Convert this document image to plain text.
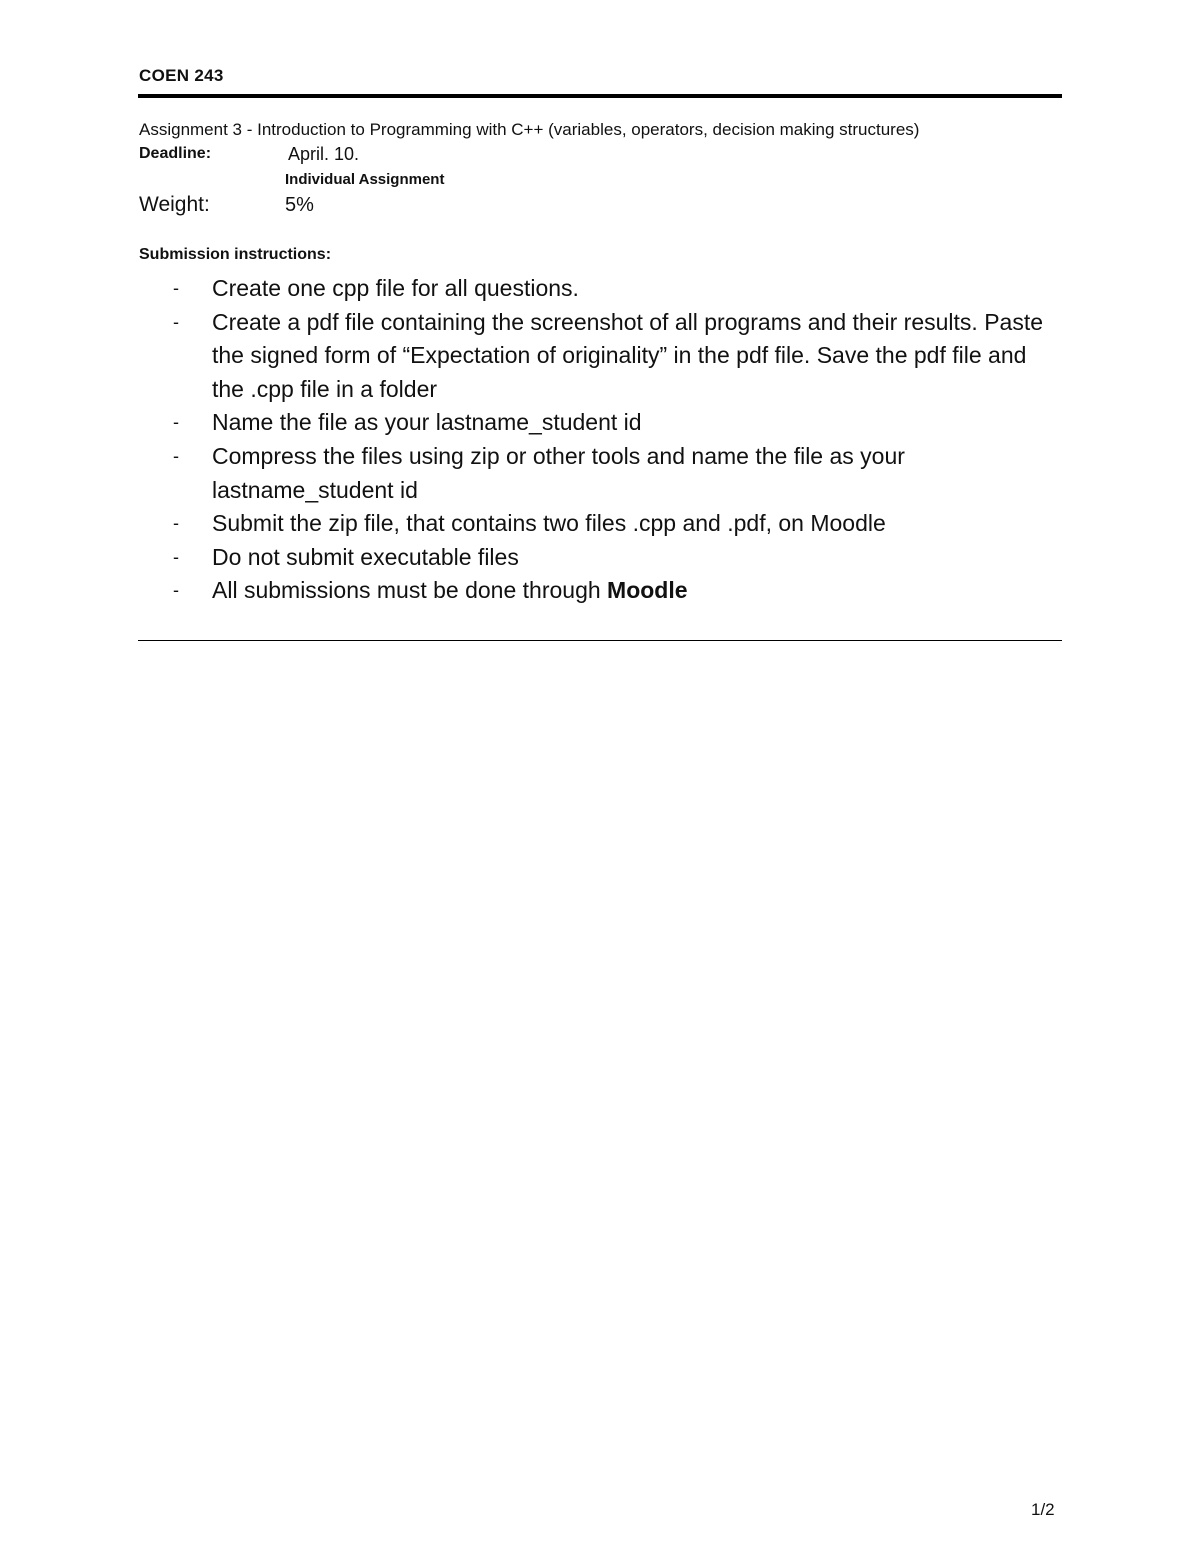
COEN 243
Assignment 3 - Introduction to Programming with C++ (variables, operators, decision making structures)
Deadline:	April. 10.
Individual Assignment
Weight:	5%
Submission instructions:
- Create one cpp file for all questions.
- Create a pdf file containing the screenshot of all programs and their results. Paste the signed form of “Expectation of originality” in the pdf file. Save the pdf file and the .cpp file in a folder
- Name the file as your lastname_student id
- Compress the files using zip or other tools and name the file as your lastname_student id
- Submit the zip file, that contains two files .cpp and .pdf, on Moodle
- Do not submit executable files
- All submissions must be done through Moodle
1/2
